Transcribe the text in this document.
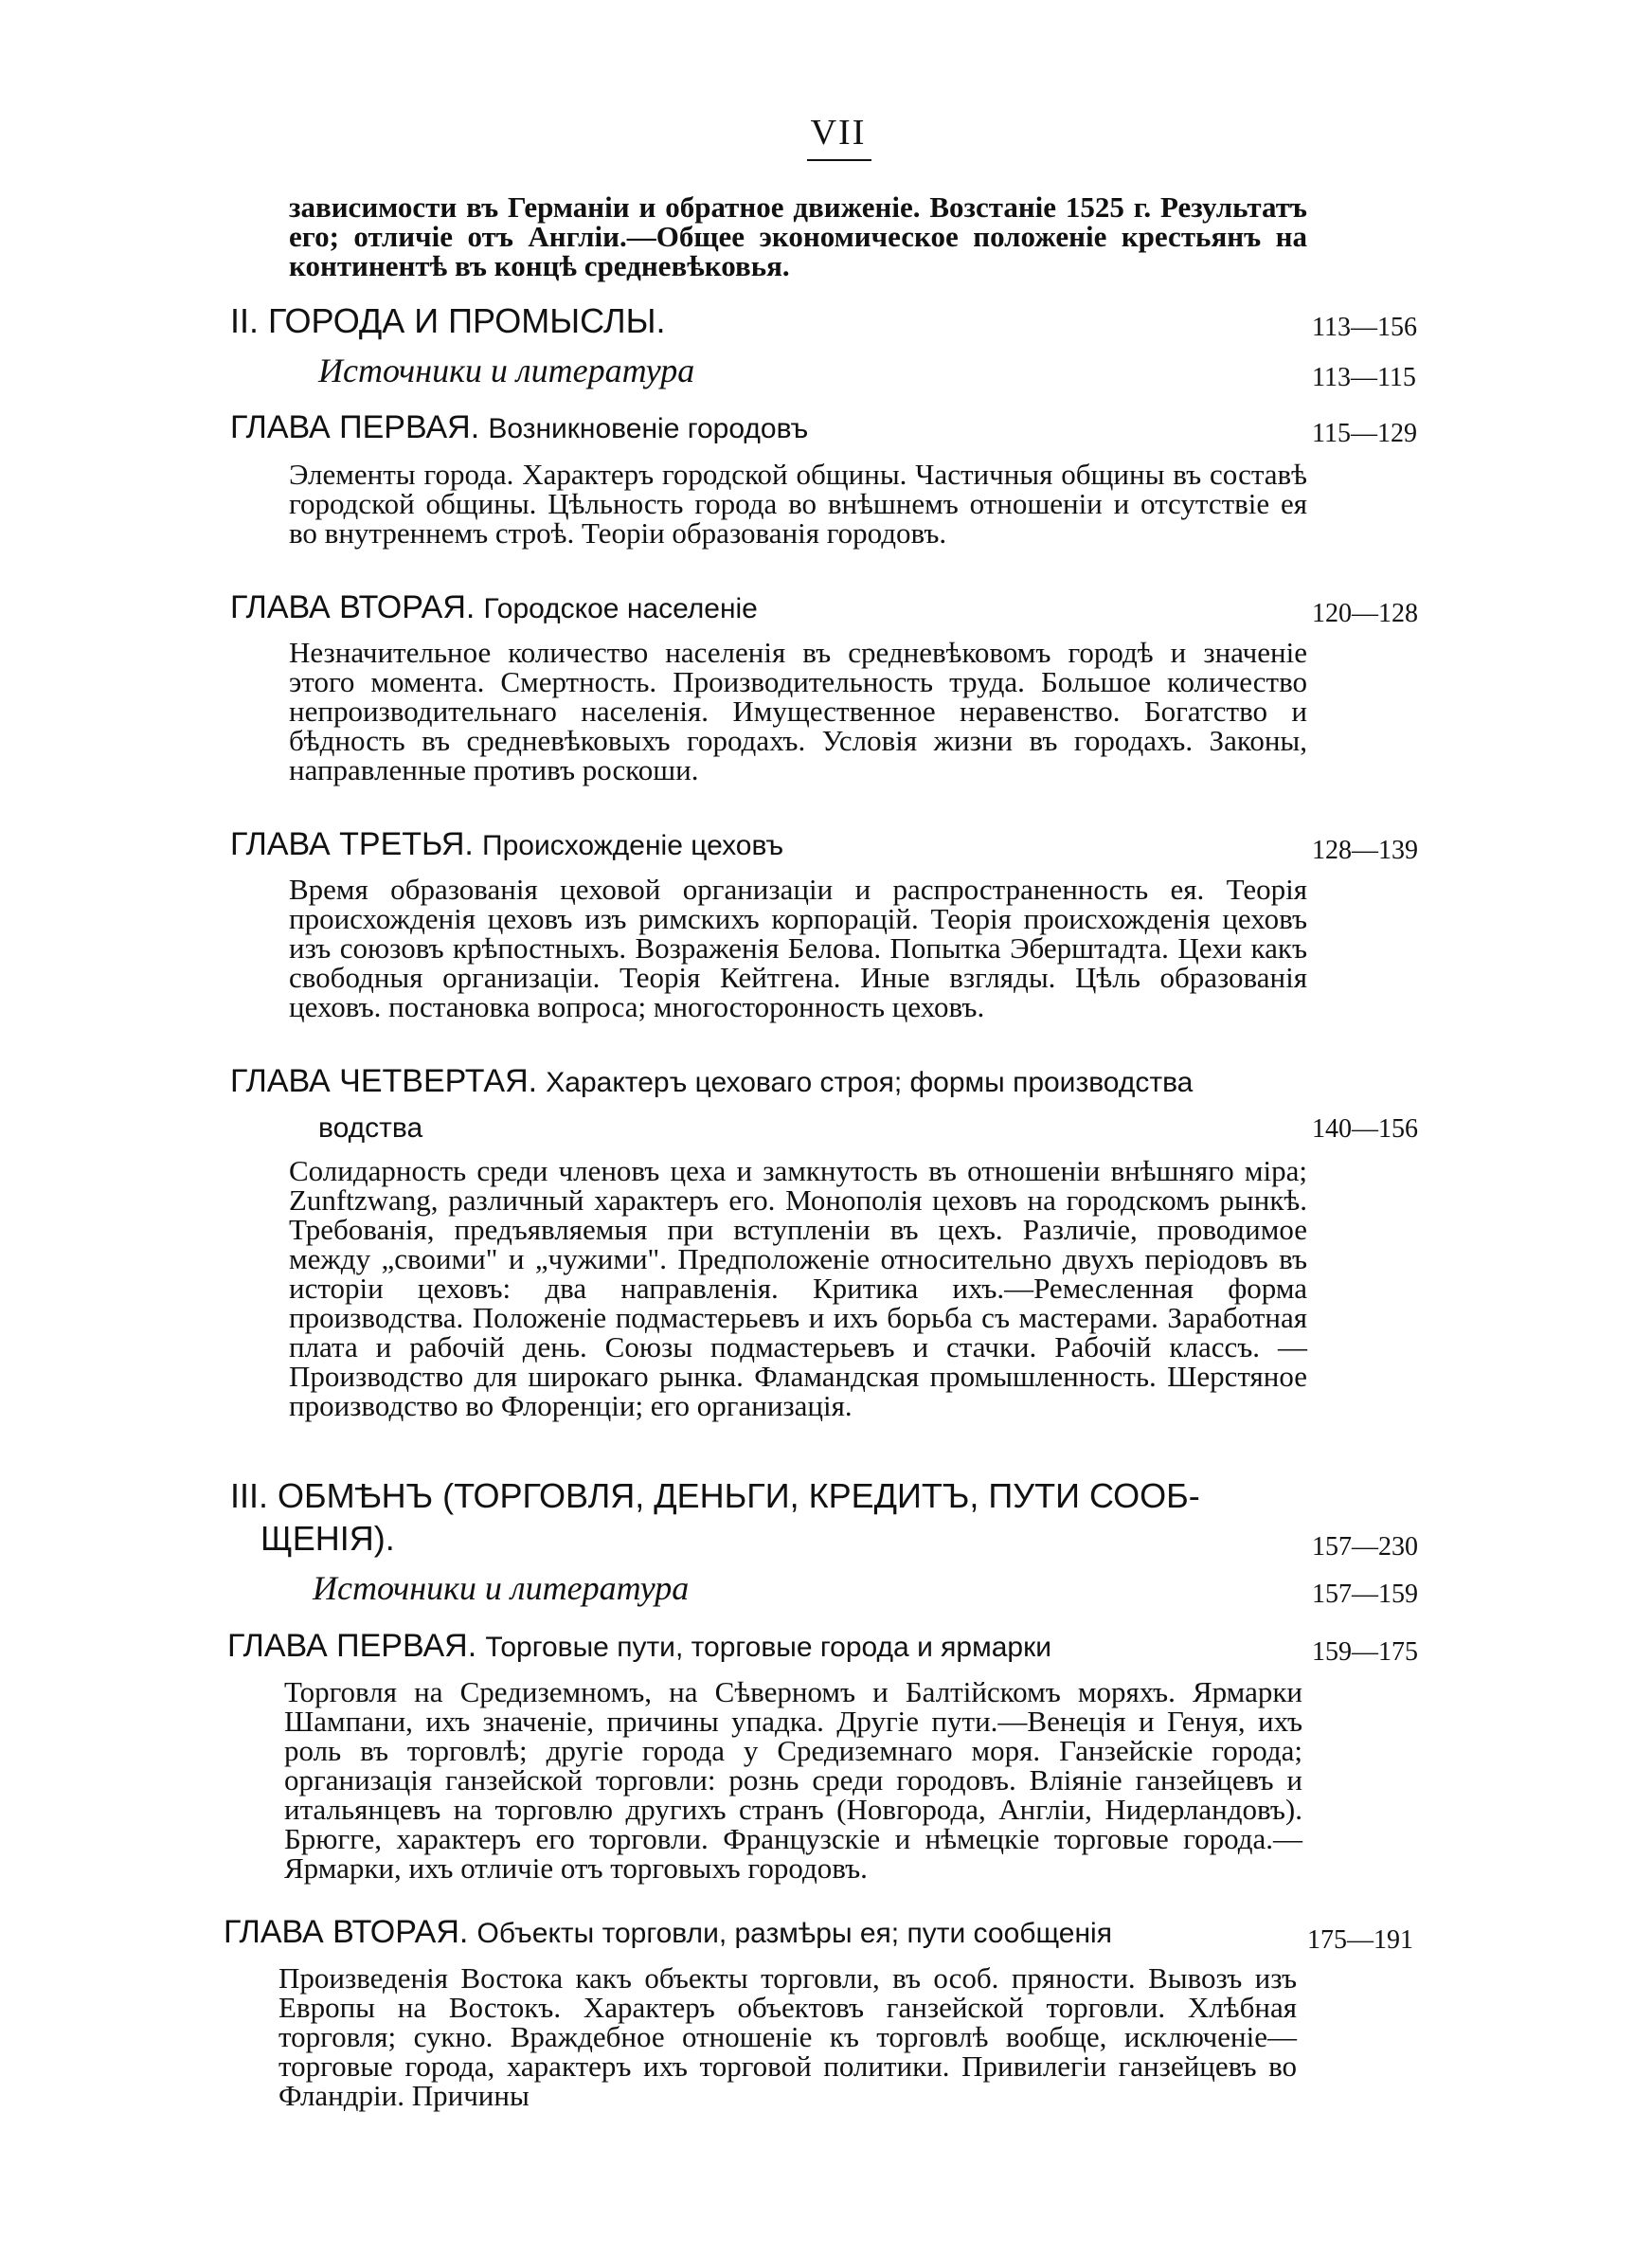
VII
зависимости въ Германіи и обратное движеніе. Возстаніе 1525 г. Результатъ его; отличіе отъ Англіи.—Общее экономическое положеніе крестьянъ на континентѣ въ концѣ средневѣковья.
II. ГОРОДА И ПРОМЫСЛЫ.	113—156
Источники и литература	113—115
ГЛАВА ПЕРВАЯ. Возникновеніе городовъ	115—129
Элементы города. Характеръ городской общины. Частичныя общины въ составѣ городской общины. Цѣльность города во внѣшнемъ отношеніи и отсутствіе ея во внутреннемъ строѣ. Теоріи образованія городовъ.
ГЛАВА ВТОРАЯ. Городское населеніе	120—128
Незначительное количество населенія въ средневѣковомъ городѣ и значеніе этого момента. Смертность. Производительность труда. Большое количество непроизводительнаго населенія. Имущественное неравенство. Богатство и бѣдность въ средневѣковыхъ городахъ. Условія жизни въ городахъ. Законы, направленные противъ роскоши.
ГЛАВА ТРЕТЬЯ. Происхожденіе цеховъ	128—139
Время образованія цеховой организаціи и распространенность ея. Теорія происхожденія цеховъ изъ римскихъ корпорацій. Теорія происхожденія цеховъ изъ союзовъ крѣпостныхъ. Возраженія Белова. Попытка Эберштадта. Цехи какъ свободныя организаціи. Теорія Кейтгена. Иные взгляды. Цѣль образованія цеховъ. постановка вопроса; многосторонность цеховъ.
ГЛАВА ЧЕТВЕРТАЯ. Характеръ цеховаго строя; формы производства
водства	140—156
Солидарность среди членовъ цеха и замкнутость въ отношеніи внѣшняго міра; Zunftzwang, различный характеръ его. Монополія цеховъ на городскомъ рынкѣ. Требованія, предъявляемыя при вступленіи въ цехъ. Различіе, проводимое между „своими" и „чужими". Предположеніе относительно двухъ періодовъ въ исторіи цеховъ: два направленія. Критика ихъ.—Ремесленная форма производства. Положеніе подмастерьевъ и ихъ борьба съ мастерами. Заработная плата и рабочій день. Союзы подмастерьевъ и стачки. Рабочій классъ. — Производство для широкаго рынка. Фламандская промышленность. Шерстяное производство во Флоренціи; его организація.
III. ОБМѢНЪ (ТОРГОВЛЯ, ДЕНЬГИ, КРЕДИТЪ, ПУТИ СООБ-
ЩЕНІЯ).	157—230
Источники и литература	157—159
ГЛАВА ПЕРВАЯ. Торговые пути, торговые города и ярмарки	159—175
Торговля на Средиземномъ, на Сѣверномъ и Балтійскомъ моряхъ. Ярмарки Шампани, ихъ значеніе, причины упадка. Другіе пути.—Венеція и Генуя, ихъ роль въ торговлѣ; другіе города у Средиземнаго моря. Ганзейскіе города; организація ганзейской торговли: рознь среди городовъ. Вліяніе ганзейцевъ и итальянцевъ на торговлю другихъ странъ (Новгорода, Англіи, Нидерландовъ). Брюгге, характеръ его торговли. Французскіе и нѣмецкіе торговые города.—Ярмарки, ихъ отличіе отъ торговыхъ городовъ.
ГЛАВА ВТОРАЯ. Объекты торговли, размѣры ея; пути сообщенія	175—191
Произведенія Востока какъ объекты торговли, въ особ. пряности. Вывозъ изъ Европы на Востокъ. Характеръ объектовъ ганзейской торговли. Хлѣбная торговля; сукно. Враждебное отношеніе къ торговлѣ вообще, исключеніе—торговые города, характеръ ихъ торговой политики. Привилегіи ганзейцевъ во Фландріи. Причины
